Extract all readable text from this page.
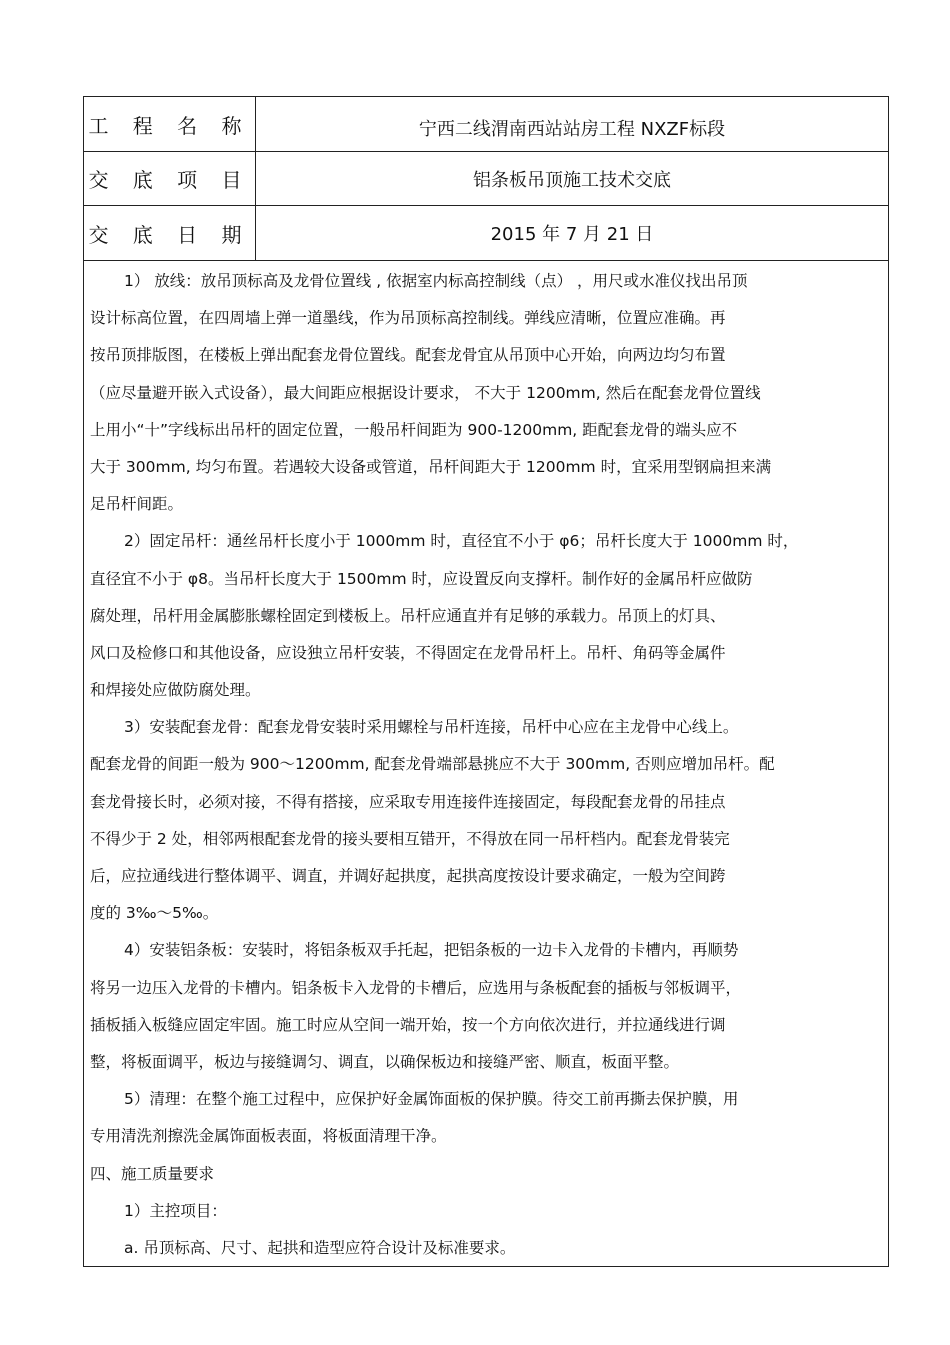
工 程 名 称	宁西二线渭南西站站房工程 NXZF标段
交 底 项 目	铝条板吊顶施工技术交底
交 底 日 期	2015 年 7 月 21 日
1） 放线：放吊顶标高及龙骨位置线 , 依据室内标高控制线（点） ，用尺或水准仪找出吊顶
设计标高位置，在四周墙上弹一道墨线，作为吊顶标高控制线。弹线应清晰，位置应准确。再
按吊顶排版图，在楼板上弹出配套龙骨位置线。配套龙骨宜从吊顶中心开始，向两边均匀布置
（应尽量避开嵌入式设备），最大间距应根据设计要求， 不大于 1200mm, 然后在配套龙骨位置线
上用小“十”字线标出吊杆的固定位置，一般吊杆间距为 900-1200mm, 距配套龙骨的端头应不
大于 300mm, 均匀布置。若遇较大设备或管道，吊杆间距大于 1200mm 时，宜采用型钢扁担来满
足吊杆间距。
2）固定吊杆：通丝吊杆长度小于 1000mm 时，直径宜不小于 φ6；吊杆长度大于 1000mm 时，
直径宜不小于 φ8。当吊杆长度大于 1500mm 时，应设置反向支撑杆。制作好的金属吊杆应做防
腐处理，吊杆用金属膨胀螺栓固定到楼板上。吊杆应通直并有足够的承载力。吊顶上的灯具、
风口及检修口和其他设备，应设独立吊杆安装，不得固定在龙骨吊杆上。吊杆、角码等金属件
和焊接处应做防腐处理。
3）安装配套龙骨：配套龙骨安装时采用螺栓与吊杆连接，吊杆中心应在主龙骨中心线上。
配套龙骨的间距一般为 900～1200mm, 配套龙骨端部悬挑应不大于 300mm, 否则应增加吊杆。配
套龙骨接长时，必须对接，不得有搭接，应采取专用连接件连接固定，每段配套龙骨的吊挂点
不得少于 2 处，相邻两根配套龙骨的接头要相互错开，不得放在同一吊杆档内。配套龙骨装完
后，应拉通线进行整体调平、调直，并调好起拱度，起拱高度按设计要求确定，一般为空间跨
度的 3‰～5‰。
4）安装铝条板：安装时，将铝条板双手托起，把铝条板的一边卡入龙骨的卡槽内，再顺势
将另一边压入龙骨的卡槽内。铝条板卡入龙骨的卡槽后，应选用与条板配套的插板与邻板调平，
插板插入板缝应固定牢固。施工时应从空间一端开始，按一个方向依次进行，并拉通线进行调
整，将板面调平，板边与接缝调匀、调直，以确保板边和接缝严密、顺直，板面平整。
5）清理：在整个施工过程中，应保护好金属饰面板的保护膜。待交工前再撕去保护膜，用
专用清洗剂擦洗金属饰面板表面，将板面清理干净。
四、施工质量要求
1）主控项目：
a. 吊顶标高、尺寸、起拱和造型应符合设计及标准要求。
